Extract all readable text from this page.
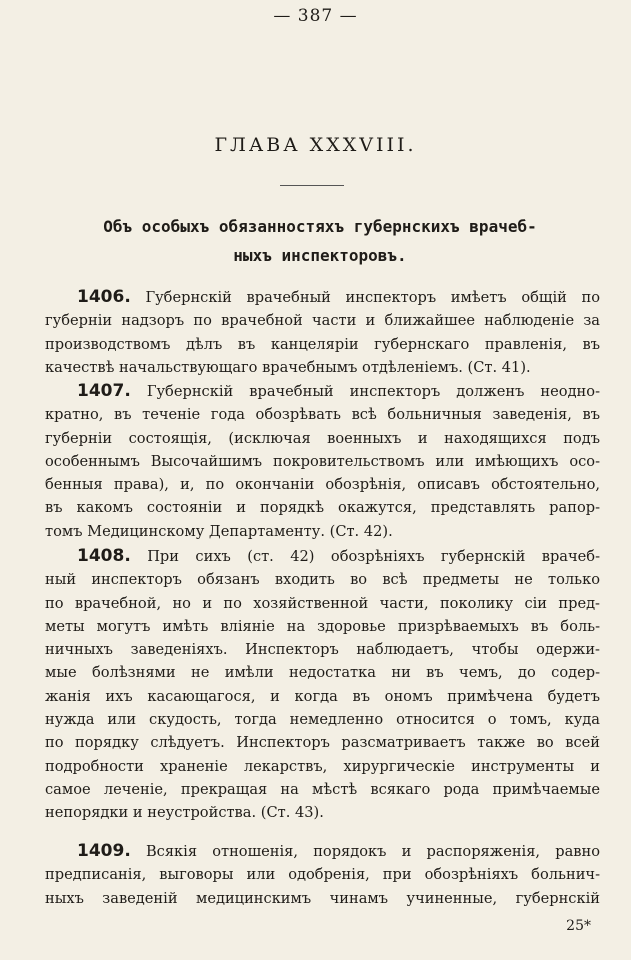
— 387 —
ГЛАВА XXXVIII.
Объ особыхъ обязанностяхъ губернскихъ врачеб-
ныхъ инспекторовъ.
1406. Губернскій врачебный инспекторъ имѣетъ общій по
губерніи надзоръ по врачебной части и ближайшее наблюденіе за
производствомъ дѣлъ въ канцеляріи губернскаго правленія, въ
качествѣ начальствующаго врачебнымъ отдѣленіемъ. (Ст. 41).
1407. Губернскій врачебный инспекторъ долженъ неодно-
кратно, въ теченіе года обозрѣвать всѣ больничныя заведенія, въ
губерніи состоящія, (исключая военныхъ и находящихся подъ
особеннымъ Высочайшимъ покровительствомъ или имѣющихъ осо-
бенныя права), и, по окончаніи обозрѣнія, описавъ обстоятельно,
въ какомъ состояніи и порядкѣ окажутся, представлять рапор-
томъ Медицинскому Департаменту. (Ст. 42).
1408. При сихъ (ст. 42) обозрѣніяхъ губернскій врачеб-
ный инспекторъ обязанъ входить во всѣ предметы не только
по врачебной, но и по хозяйственной части, поколику сіи пред-
меты могутъ имѣть вліяніе на здоровье призрѣваемыхъ въ боль-
ничныхъ заведеніяхъ. Инспекторъ наблюдаетъ, чтобы одержи-
мые болѣзнями не имѣли недостатка ни въ чемъ, до содер-
жанія ихъ касающагося, и когда въ ономъ примѣчена будетъ
нужда или скудость, тогда немедленно относится о томъ, куда
по порядку слѣдуетъ. Инспекторъ разсматриваетъ также во всей
подробности храненіе лекарствъ, хирургическіе инструменты и
самое леченіе, прекращая на мѣстѣ всякаго рода примѣчаемые
непорядки и неустройства. (Ст. 43).
1409. Всякія отношенія, порядокъ и распоряженія, равно
предписанія, выговоры или одобренія, при обозрѣніяхъ больнич-
ныхъ заведеній медицинскимъ чинамъ учиненные, губернскій
25*
